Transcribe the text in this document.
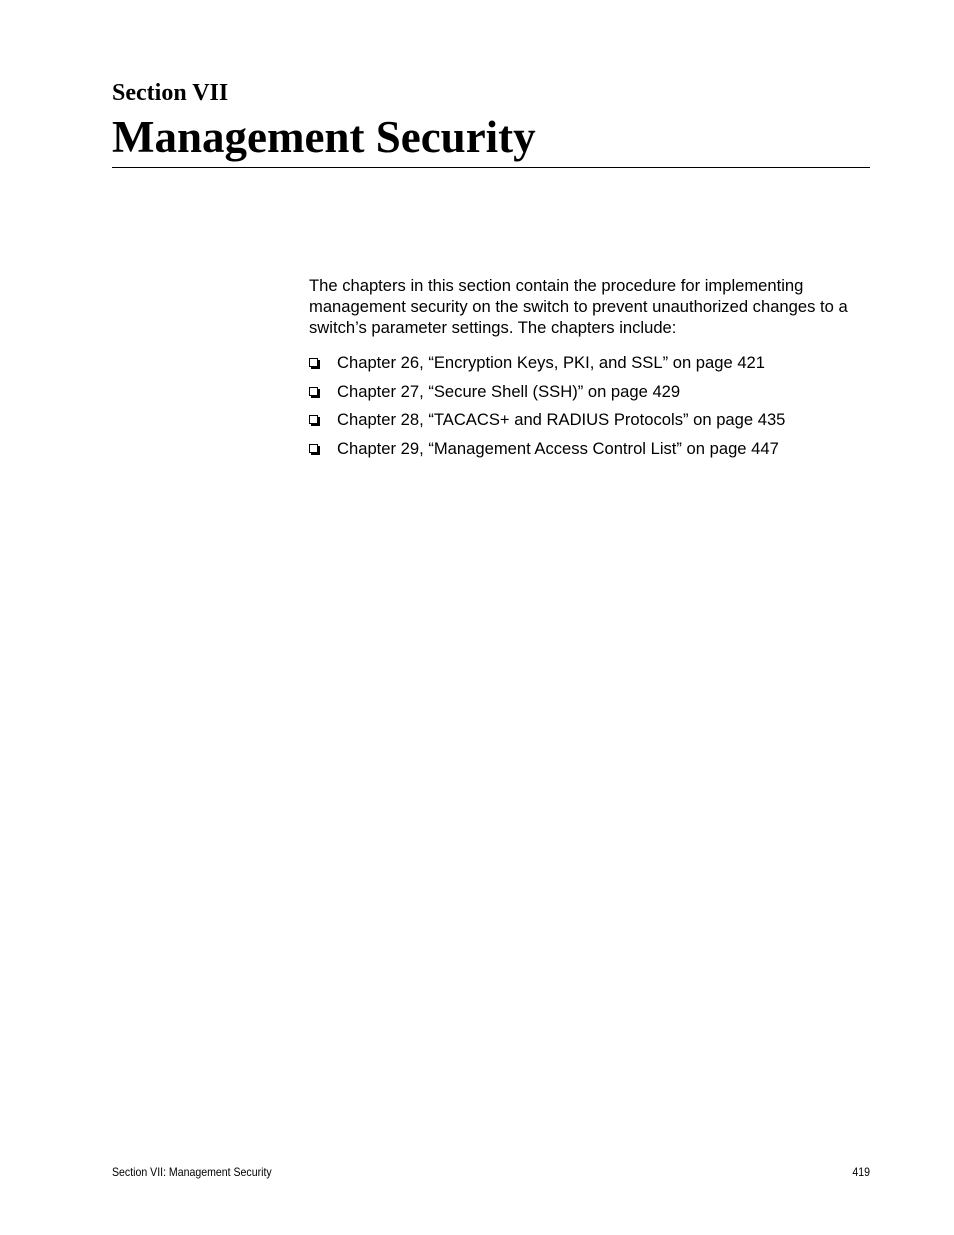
Section VII
Management Security

The chapters in this section contain the procedure for implementing management security on the switch to prevent unauthorized changes to a switch’s parameter settings. The chapters include:

Chapter 26, “Encryption Keys, PKI, and SSL” on page 421
Chapter 27, “Secure Shell (SSH)” on page 429
Chapter 28, “TACACS+ and RADIUS Protocols” on page 435
Chapter 29, “Management Access Control List” on page 447
Section VII: Management Security	419
